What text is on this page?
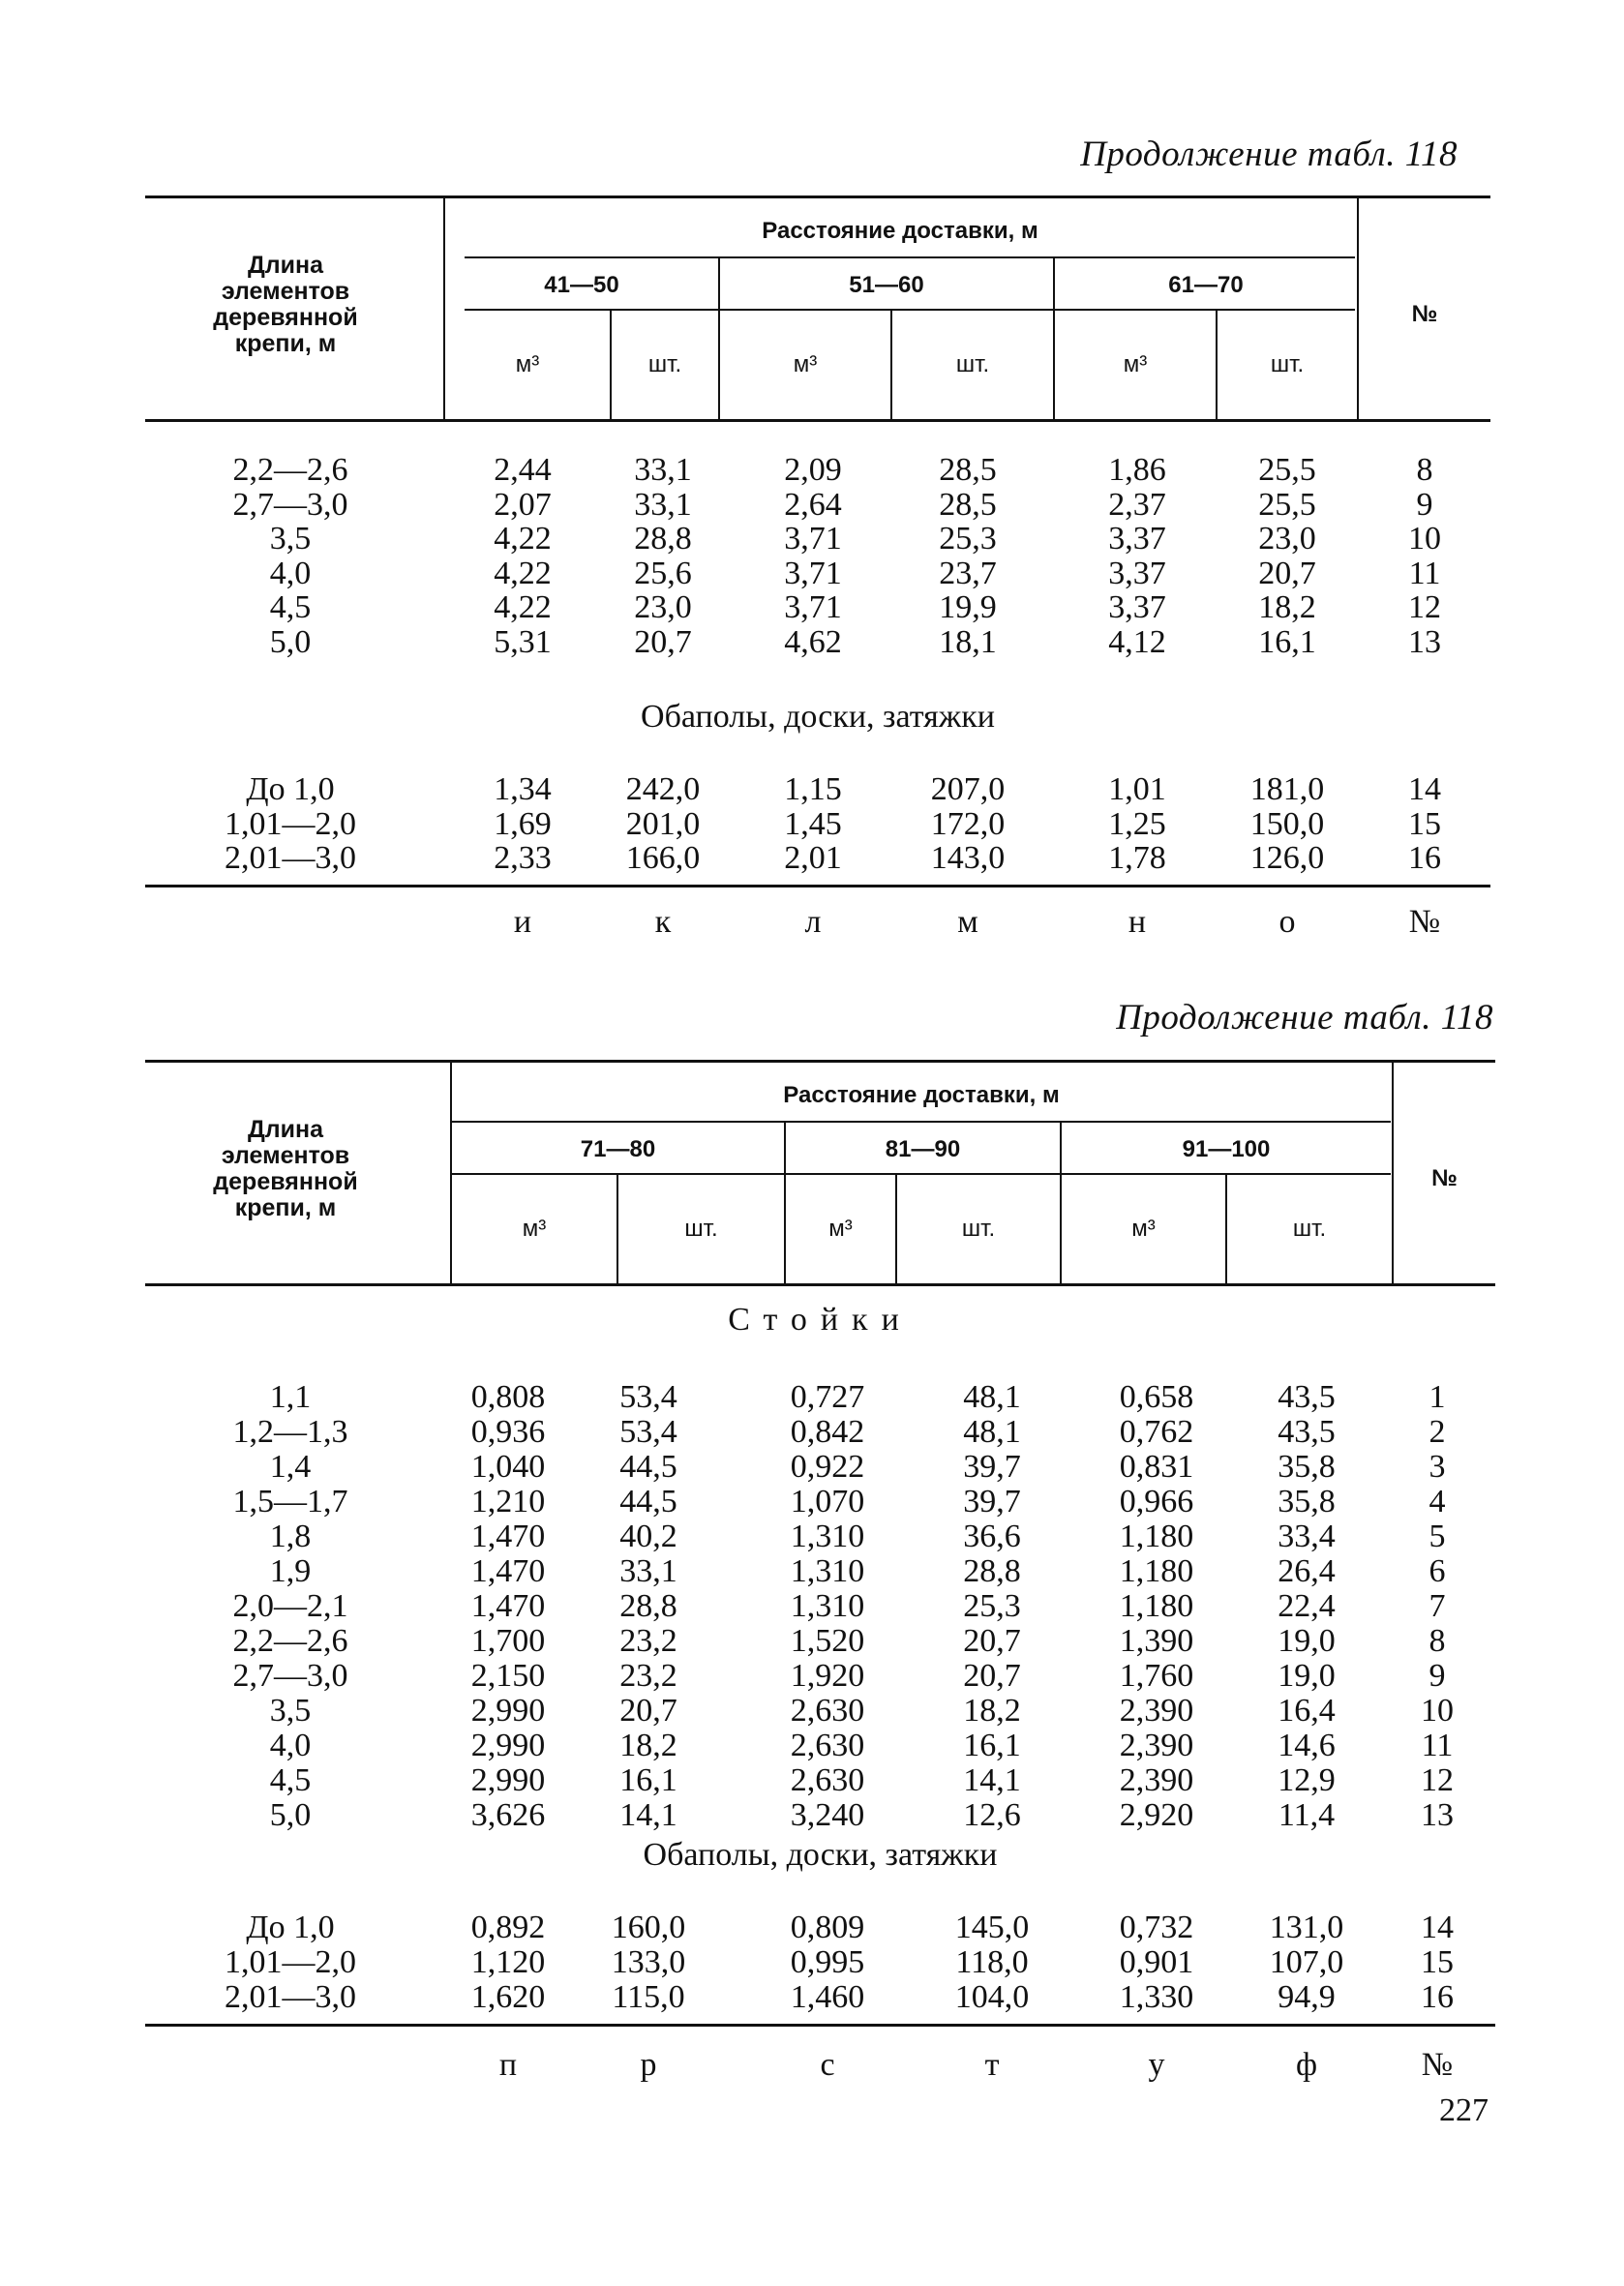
Продолжение табл. 118
Длина
элементов
деревянной
крепи, м
Расстояние доставки, м
41—50	51—60	61—70
м³	шт.	м³	шт.	м³	шт.
№
2,2—2,6	2,44	33,1	2,09	28,5	1,86	25,5	8
2,7—3,0	2,07	33,1	2,64	28,5	2,37	25,5	9
3,5	4,22	28,8	3,71	25,3	3,37	23,0	10
4,0	4,22	25,6	3,71	23,7	3,37	20,7	11
4,5	4,22	23,0	3,71	19,9	3,37	18,2	12
5,0	5,31	20,7	4,62	18,1	4,12	16,1	13
Обаполы, доски, затяжки
До 1,0	1,34	242,0	1,15	207,0	1,01	181,0	14
1,01—2,0	1,69	201,0	1,45	172,0	1,25	150,0	15
2,01—3,0	2,33	166,0	2,01	143,0	1,78	126,0	16
и	к	л	м	н	о	№
Продолжение табл. 118
Длина
элементов
деревянной
крепи, м
Расстояние доставки, м
71—80	81—90	91—100
м³	шт.	м³	шт.	м³	шт.
№
Стойки
1,1	0,808	53,4	0,727	48,1	0,658	43,5	1
1,2—1,3	0,936	53,4	0,842	48,1	0,762	43,5	2
1,4	1,040	44,5	0,922	39,7	0,831	35,8	3
1,5—1,7	1,210	44,5	1,070	39,7	0,966	35,8	4
1,8	1,470	40,2	1,310	36,6	1,180	33,4	5
1,9	1,470	33,1	1,310	28,8	1,180	26,4	6
2,0—2,1	1,470	28,8	1,310	25,3	1,180	22,4	7
2,2—2,6	1,700	23,2	1,520	20,7	1,390	19,0	8
2,7—3,0	2,150	23,2	1,920	20,7	1,760	19,0	9
3,5	2,990	20,7	2,630	18,2	2,390	16,4	10
4,0	2,990	18,2	2,630	16,1	2,390	14,6	11
4,5	2,990	16,1	2,630	14,1	2,390	12,9	12
5,0	3,626	14,1	3,240	12,6	2,920	11,4	13
Обаполы, доски, затяжки
До 1,0	0,892	160,0	0,809	145,0	0,732	131,0	14
1,01—2,0	1,120	133,0	0,995	118,0	0,901	107,0	15
2,01—3,0	1,620	115,0	1,460	104,0	1,330	94,9	16
п	р	с	т	у	ф	№
227
